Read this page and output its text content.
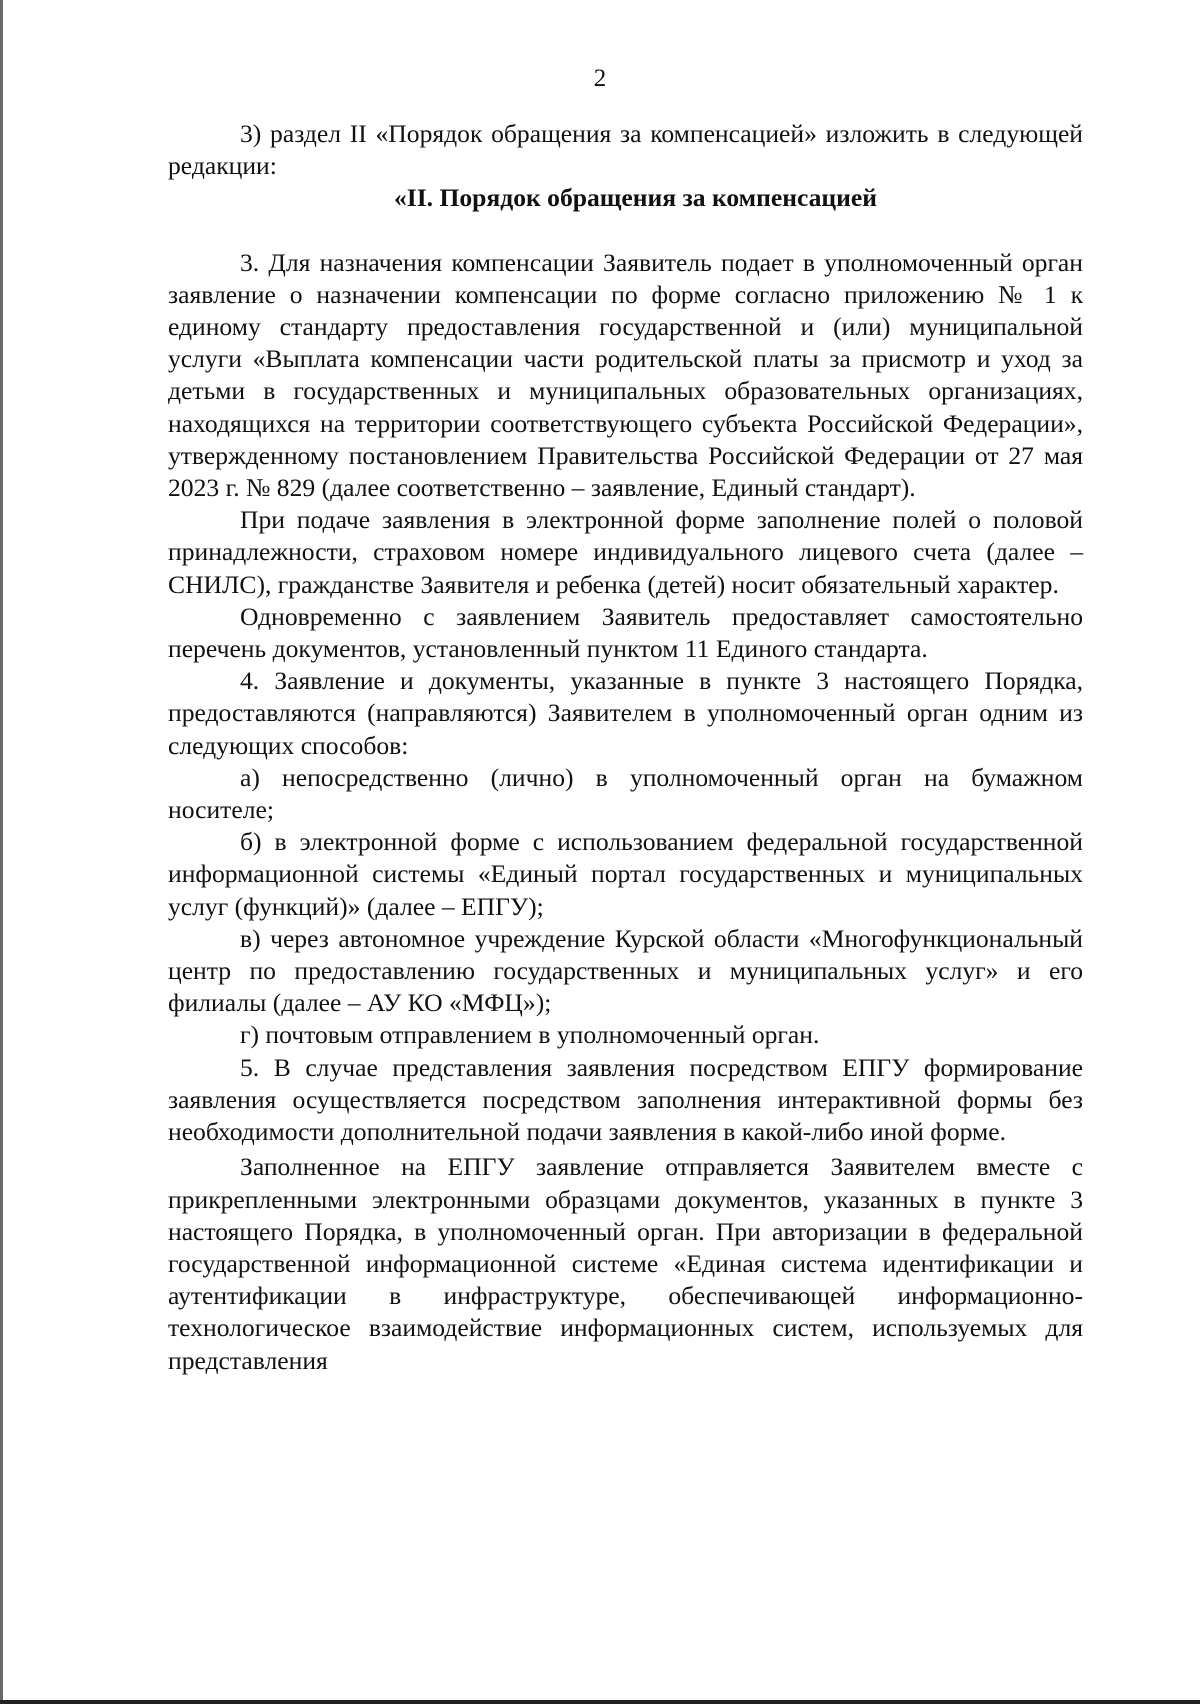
2

3) раздел II «Порядок обращения за компенсацией» изложить в следующей редакции:

«II. Порядок обращения за компенсацией

3. Для назначения компенсации Заявитель подает в уполномоченный орган заявление о назначении компенсации по форме согласно приложению № 1 к единому стандарту предоставления государственной и (или) муниципальной услуги «Выплата компенсации части родительской платы за присмотр и уход за детьми в государственных и муниципальных образовательных организациях, находящихся на территории соответствующего субъекта Российской Федерации», утвержденному постановлением Правительства Российской Федерации от 27 мая 2023 г. № 829 (далее соответственно – заявление, Единый стандарт).

При подаче заявления в электронной форме заполнение полей о половой принадлежности, страховом номере индивидуального лицевого счета (далее – СНИЛС), гражданстве Заявителя и ребенка (детей) носит обязательный характер.

Одновременно с заявлением Заявитель предоставляет самостоятельно перечень документов, установленный пунктом 11 Единого стандарта.

4. Заявление и документы, указанные в пункте 3 настоящего Порядка, предоставляются (направляются) Заявителем в уполномоченный орган одним из следующих способов:

а) непосредственно (лично) в уполномоченный орган на бумажном носителе;

б) в электронной форме с использованием федеральной государственной информационной системы «Единый портал государственных и муниципальных услуг (функций)» (далее – ЕПГУ);

в) через автономное учреждение Курской области «Многофункциональный центр по предоставлению государственных и муниципальных услуг» и его филиалы (далее – АУ КО «МФЦ»);

г) почтовым отправлением в уполномоченный орган.

5. В случае представления заявления посредством ЕПГУ формирование заявления осуществляется посредством заполнения интерактивной формы без необходимости дополнительной подачи заявления в какой-либо иной форме.

Заполненное на ЕПГУ заявление отправляется Заявителем вместе с прикрепленными электронными образцами документов, указанных в пункте 3 настоящего Порядка, в уполномоченный орган. При авторизации в федеральной государственной информационной системе «Единая система идентификации и аутентификации в инфраструктуре, обеспечивающей информационно-технологическое взаимодействие информационных систем, используемых для представления
